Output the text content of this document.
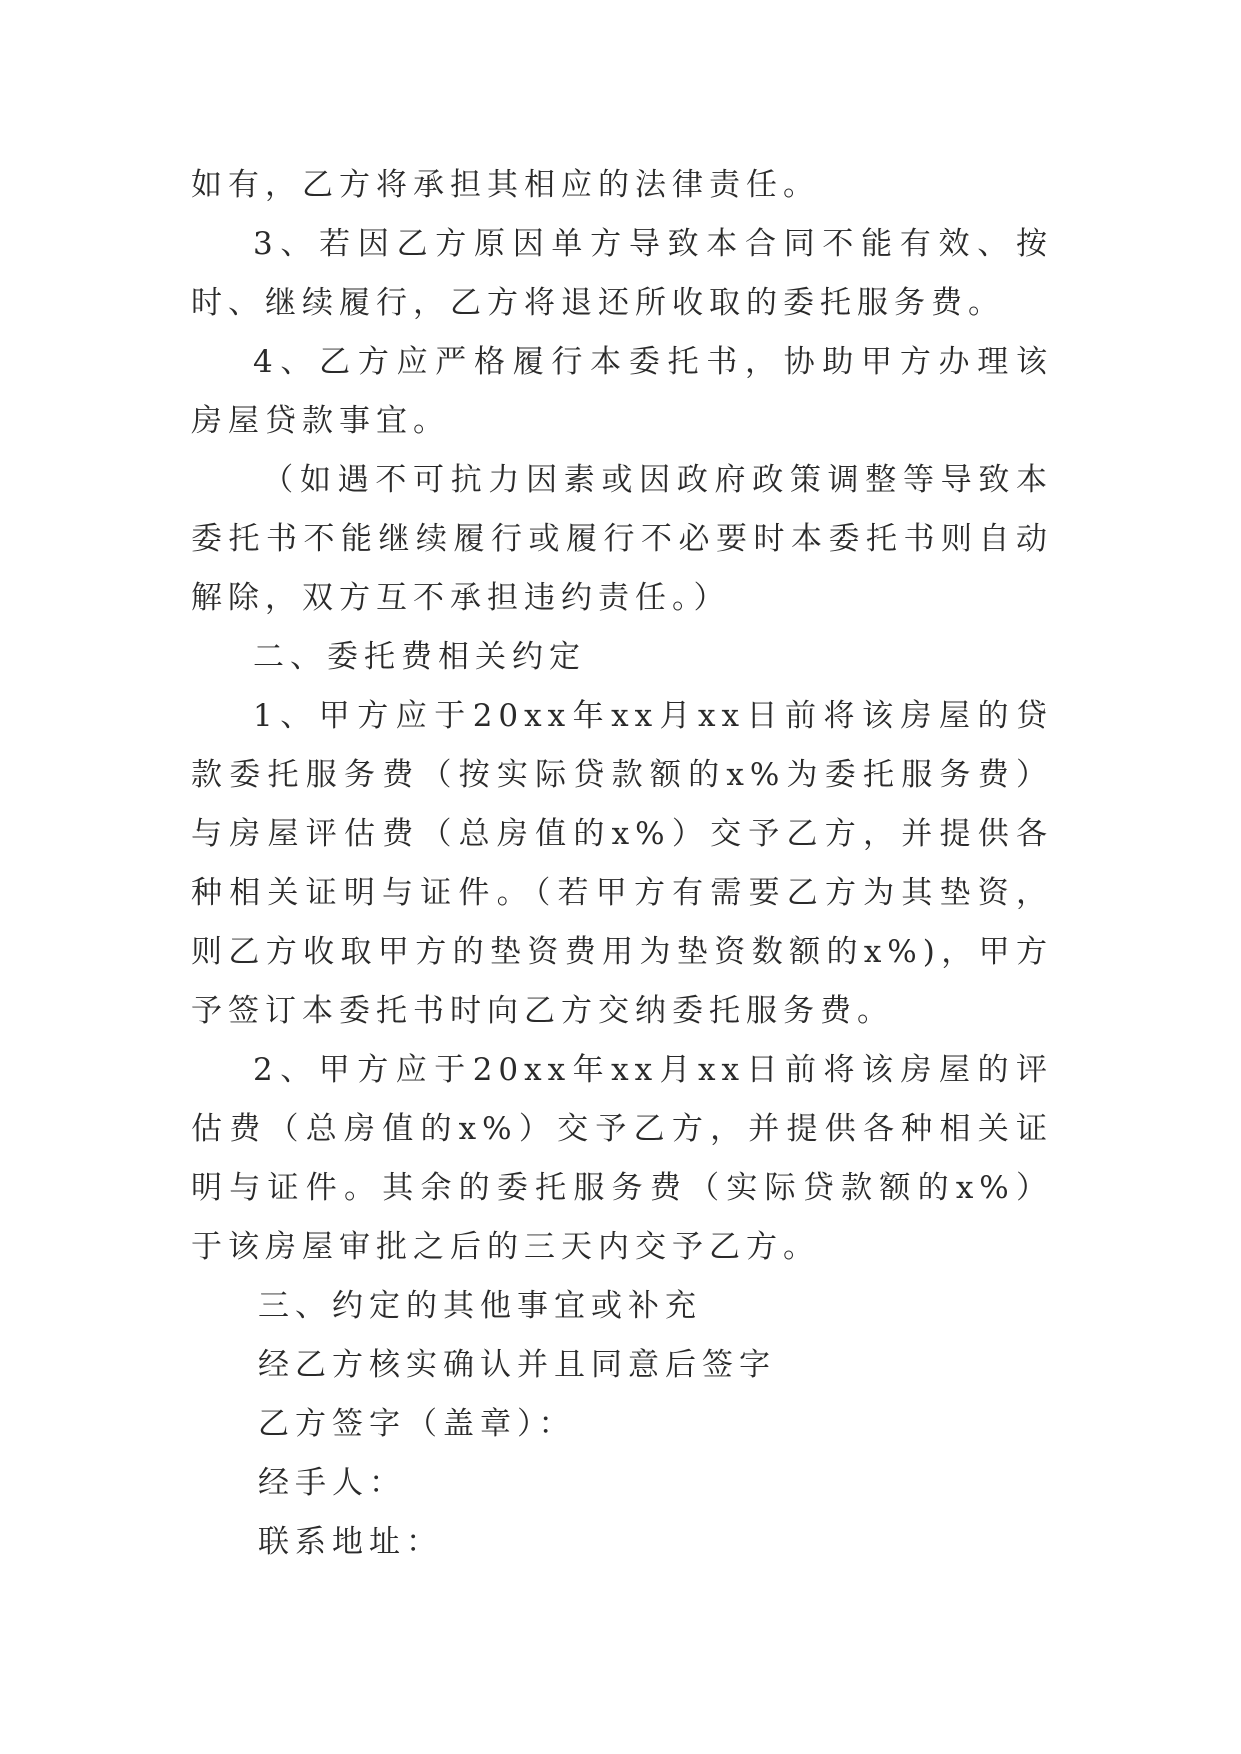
如有，乙方将承担其相应的法律责任。

3、若因乙方原因单方导致本合同不能有效、按时、继续履行，乙方将退还所收取的委托服务费。

4、乙方应严格履行本委托书，协助甲方办理该房屋贷款事宜。

（如遇不可抗力因素或因政府政策调整等导致本委托书不能继续履行或履行不必要时本委托书则自动解除，双方互不承担违约责任。）

二、委托费相关约定

1、甲方应于20xx年xx月xx日前将该房屋的贷款委托服务费（按实际贷款额的x%为委托服务费）与房屋评估费（总房值的x%）交予乙方，并提供各种相关证明与证件。（若甲方有需要乙方为其垫资，则乙方收取甲方的垫资费用为垫资数额的x%)，甲方予签订本委托书时向乙方交纳委托服务费。

2、甲方应于20xx年xx月xx日前将该房屋的评估费（总房值的x%）交予乙方，并提供各种相关证明与证件。其余的委托服务费（实际贷款额的x%）于该房屋审批之后的三天内交予乙方。

三、约定的其他事宜或补充
经乙方核实确认并且同意后签字
乙方签字（盖章）：
经手人：
联系地址：
